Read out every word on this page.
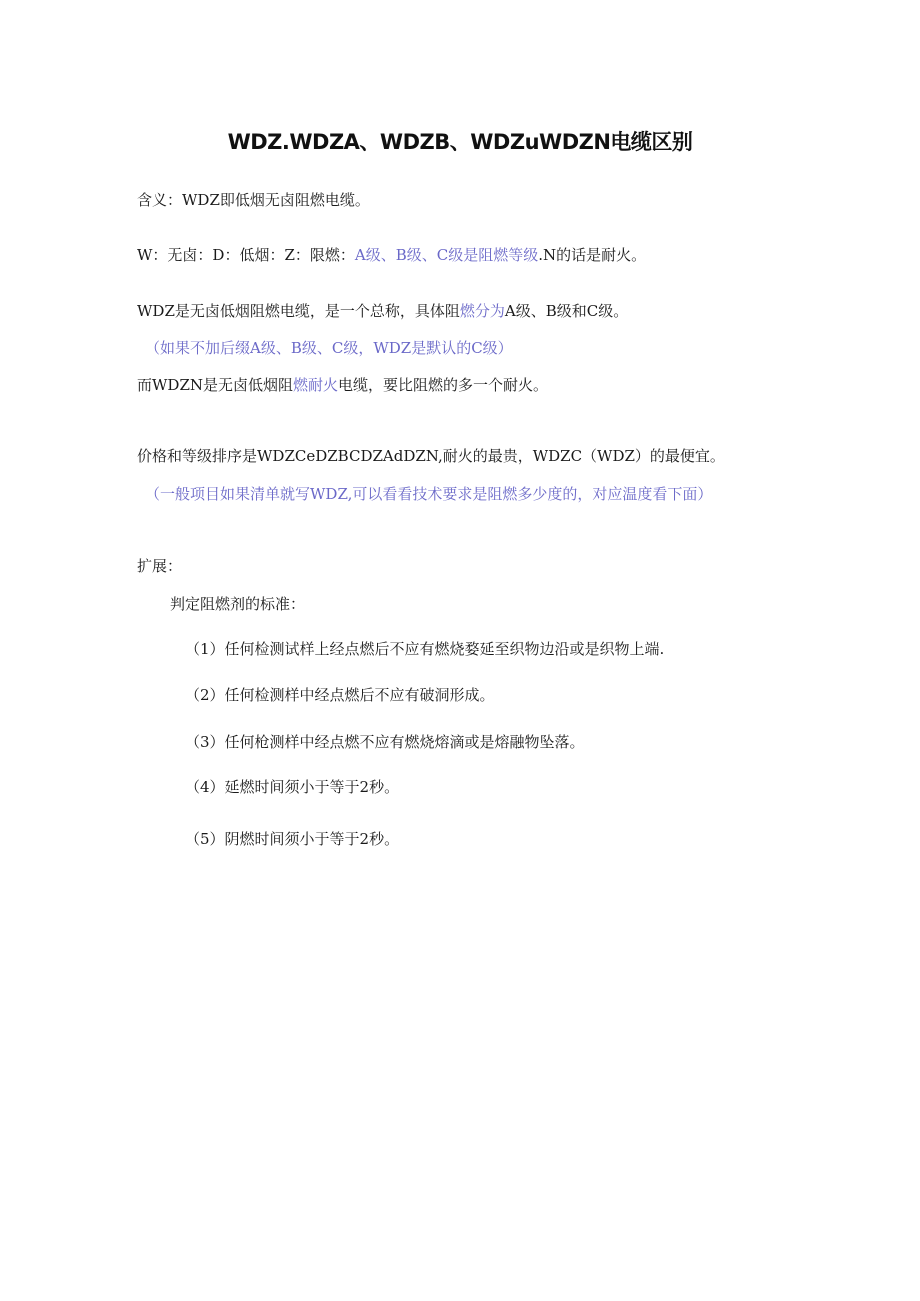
WDZ.WDZA、WDZB、WDZuWDZN电缆区别
含义：WDZ即低烟无卤阻燃电缆。
W：无卤：D：低烟：Z：限燃：A级、B级、C级是阻燃等级.N的话是耐火。
WDZ是无卤低烟阻燃电缆，是一个总称，具体阻燃分为A级、B级和C级。
（如果不加后缀A级、B级、C级，WDZ是默认的C级）
而WDZN是无卤低烟阻燃耐火电缆，要比阻燃的多一个耐火。
价格和等级排序是WDZCeDZBCDZAdDZN,耐火的最贵，WDZC（WDZ）的最便宜。
（一般项目如果清单就写WDZ,可以看看技术要求是阻燃多少度的，对应温度看下面）
扩展：
判定阻燃剂的标准：
（1）任何检测试样上经点燃后不应有燃烧婺延至织物边沿或是织物上端.
（2）任何检测样中经点燃后不应有破洞形成。
（3）任何枪测样中经点燃不应有燃烧熔滴或是熔融物坠落。
（4）延燃时间须小于等于2秒。
（5）阴燃时间须小于等于2秒。
